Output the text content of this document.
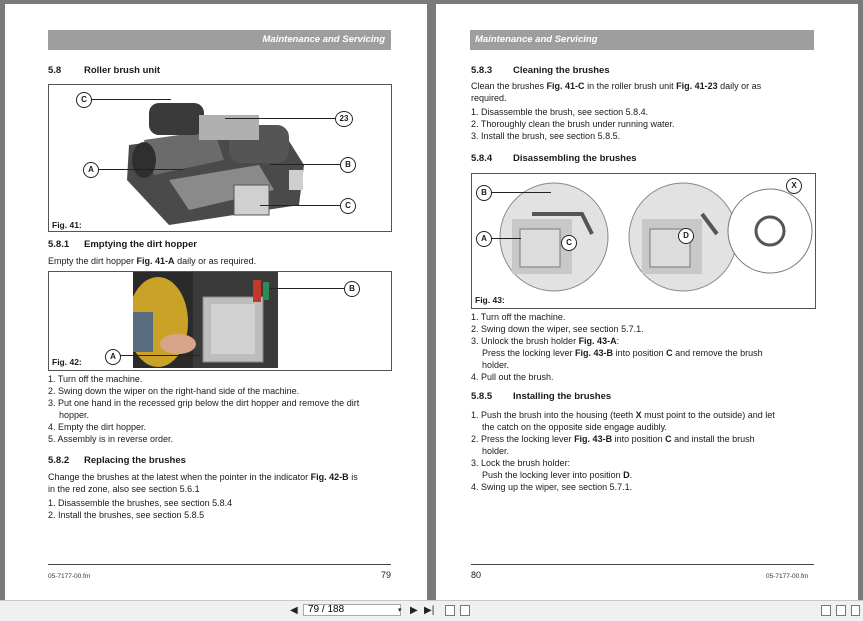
Maintenance and Servicing
5.8 Roller brush unit
Fig. 41:
C
23
A
B
C
5.8.1 Emptying the dirt hopper
Empty the dirt hopper Fig. 41-A daily or as required.
Fig. 42:
B
A
1. Turn off the machine.
2. Swing down the wiper on the right-hand side of the machine.
3. Put one hand in the recessed grip below the dirt hopper and remove the dirt
hopper.
4. Empty the dirt hopper.
5. Assembly is in reverse order.
5.8.2 Replacing the brushes
Change the brushes at the latest when the pointer in the indicator Fig. 42-B is
in the red zone, also see section 5.6.1
1. Disassemble the brushes, see section 5.8.4
2. Install the brushes, see section 5.8.5
05-7177-00.fm	79
Maintenance and Servicing
5.8.3 Cleaning the brushes
Clean the brushes Fig. 41-C in the roller brush unit Fig. 41-23 daily or as
required.
1. Disassemble the brush, see section 5.8.4.
2. Thoroughly clean the brush under running water.
3. Install the brush, see section 5.8.5.
5.8.4 Disassembling the brushes
Fig. 43:
B
X
A	C
D
1. Turn off the machine.
2. Swing down the wiper, see section 5.7.1.
3. Unlock the brush holder Fig. 43-A:
Press the locking lever Fig. 43-B into position C and remove the brush
holder.
4. Pull out the brush.
5.8.5 Installing the brushes
1. Push the brush into the housing (teeth X must point to the outside) and let
the catch on the opposite side engage audibly.
2. Press the locking lever Fig. 43-B into position C and install the brush
holder.
3. Lock the brush holder:
Push the locking lever into position D.
4. Swing up the wiper, see section 5.7.1.
80	05-7177-00.fm
◀
79 / 188	▾ ▶ ▶|
